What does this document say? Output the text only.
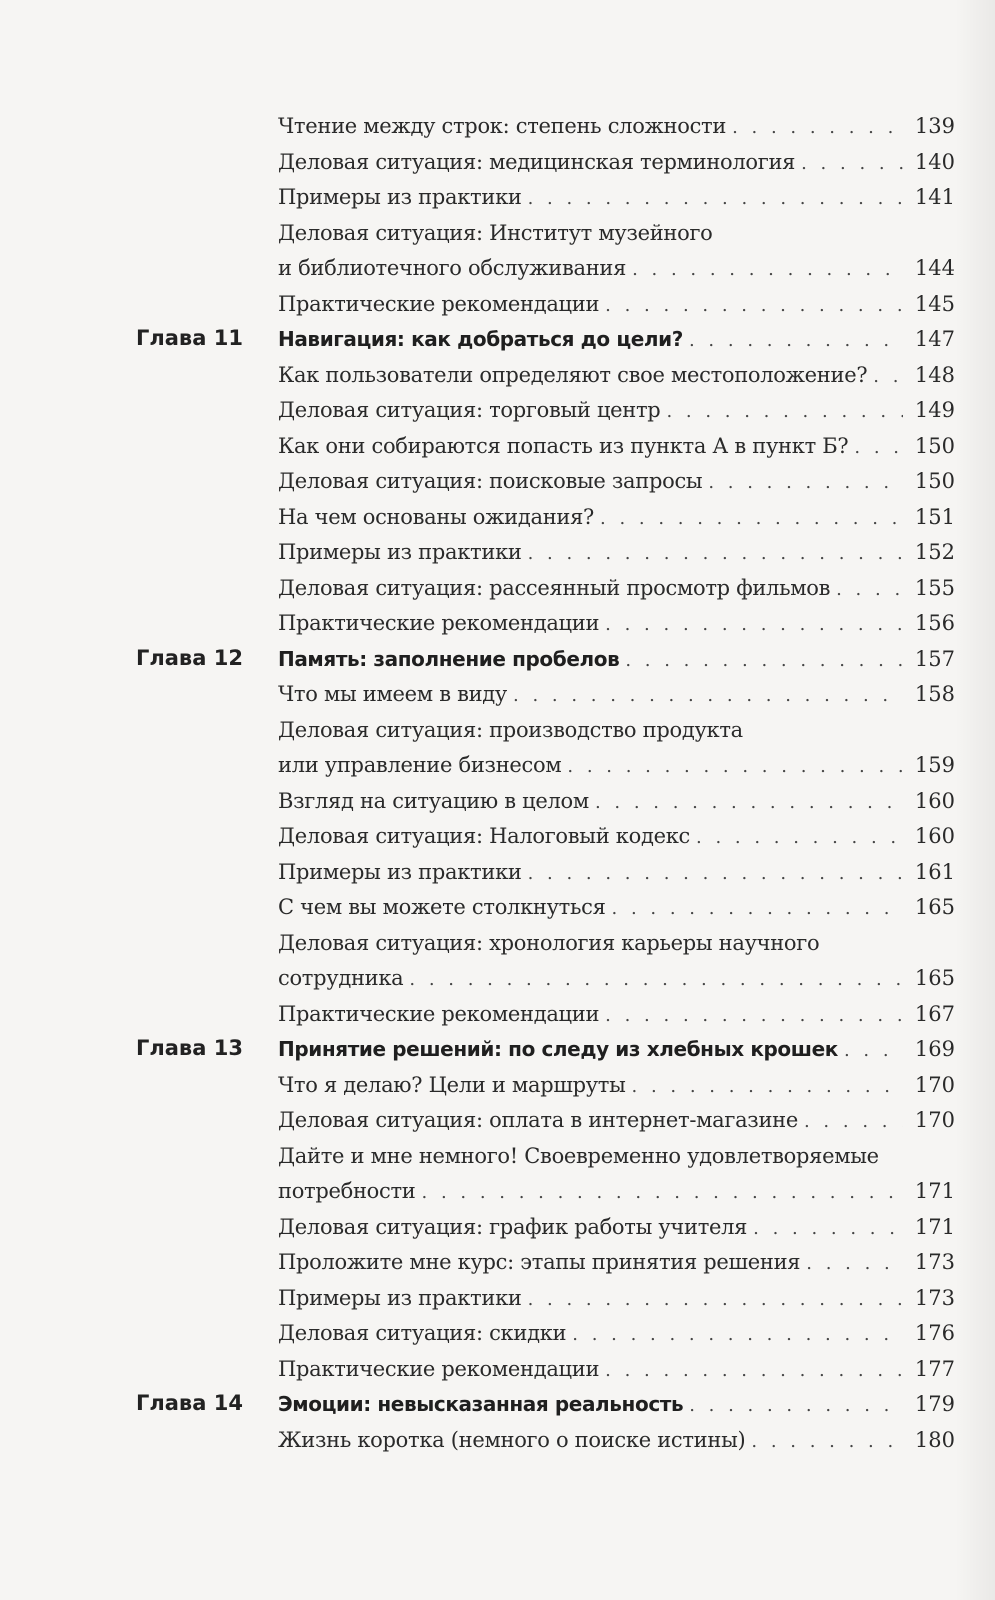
Чтение между строк: степень сложности . . .	139
Деловая ситуация: медицинская терминология . . .	140
Примеры из практики . . .	141
Деловая ситуация: Институт музейного
и библиотечного обслуживания . . .	144
Практические рекомендации . . .	145
Глава 11 Навигация: как добраться до цели? . . .	147
Как пользователи определяют свое местоположение? . . .	148
Деловая ситуация: торговый центр . . .	149
Как они собираются попасть из пункта А в пункт Б? . . .	150
Деловая ситуация: поисковые запросы . . .	150
На чем основаны ожидания? . . .	151
Примеры из практики . . .	152
Деловая ситуация: рассеянный просмотр фильмов . . .	155
Практические рекомендации . . .	156
Глава 12 Память: заполнение пробелов . . .	157
Что мы имеем в виду . . .	158
Деловая ситуация: производство продукта
или управление бизнесом . . .	159
Взгляд на ситуацию в целом . . .	160
Деловая ситуация: Налоговый кодекс . . .	160
Примеры из практики . . .	161
С чем вы можете столкнуться . . .	165
Деловая ситуация: хронология карьеры научного
сотрудника . . .	165
Практические рекомендации . . .	167
Глава 13 Принятие решений: по следу из хлебных крошек . . .	169
Что я делаю? Цели и маршруты . . .	170
Деловая ситуация: оплата в интернет-магазине . . .	170
Дайте и мне немного! Своевременно удовлетворяемые
потребности . . .	171
Деловая ситуация: график работы учителя . . .	171
Проложите мне курс: этапы принятия решения . . .	173
Примеры из практики . . .	173
Деловая ситуация: скидки . . .	176
Практические рекомендации . . .	177
Глава 14 Эмоции: невысказанная реальность . . .	179
Жизнь коротка (немного о поиске истины) . . .	180
